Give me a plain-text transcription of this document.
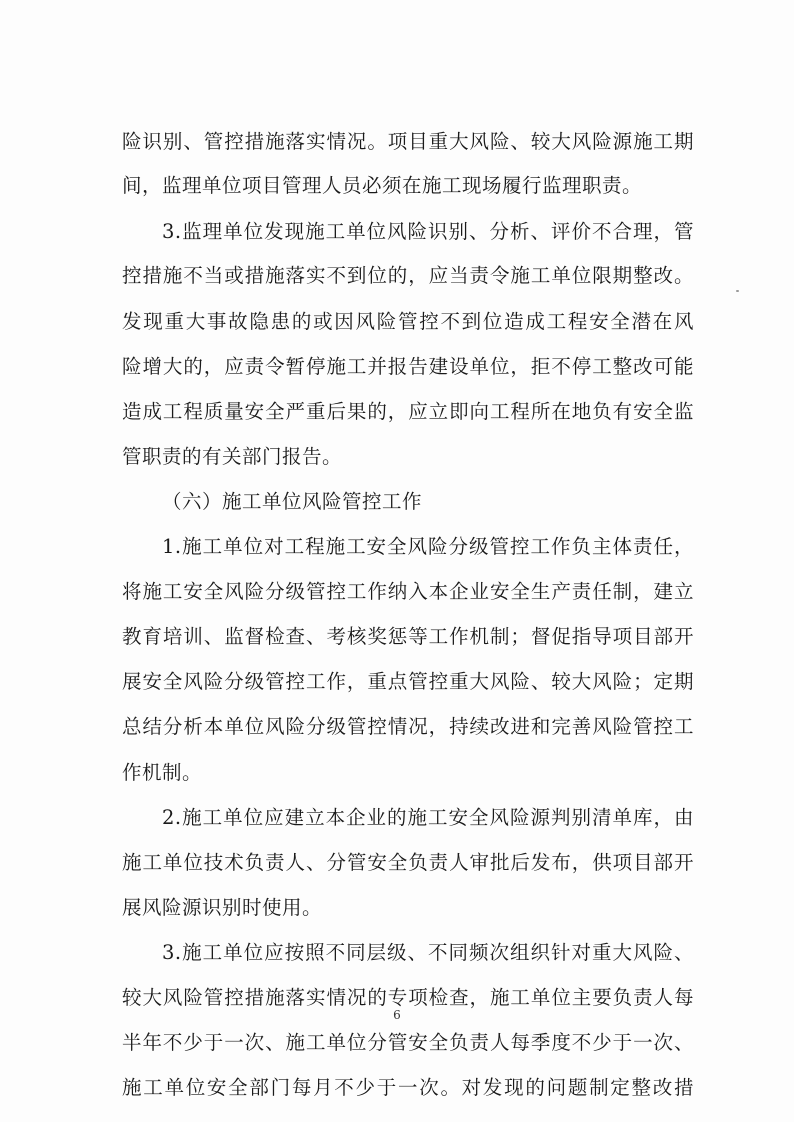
险识别、管控措施落实情况。项目重大风险、较大风险源施工期
间，监理单位项目管理人员必须在施工现场履行监理职责。
3.监理单位发现施工单位风险识别、分析、评价不合理，管
控措施不当或措施落实不到位的，应当责令施工单位限期整改。
发现重大事故隐患的或因风险管控不到位造成工程安全潜在风
险增大的，应责令暂停施工并报告建设单位，拒不停工整改可能
造成工程质量安全严重后果的，应立即向工程所在地负有安全监
管职责的有关部门报告。
（六）施工单位风险管控工作
1.施工单位对工程施工安全风险分级管控工作负主体责任，
将施工安全风险分级管控工作纳入本企业安全生产责任制，建立
教育培训、监督检查、考核奖惩等工作机制；督促指导项目部开
展安全风险分级管控工作，重点管控重大风险、较大风险；定期
总结分析本单位风险分级管控情况，持续改进和完善风险管控工
作机制。
2.施工单位应建立本企业的施工安全风险源判别清单库，由
施工单位技术负责人、分管安全负责人审批后发布，供项目部开
展风险源识别时使用。
3.施工单位应按照不同层级、不同频次组织针对重大风险、
较大风险管控措施落实情况的专项检查，施工单位主要负责人每
半年不少于一次、施工单位分管安全负责人每季度不少于一次、
施工单位安全部门每月不少于一次。对发现的问题制定整改措
6
